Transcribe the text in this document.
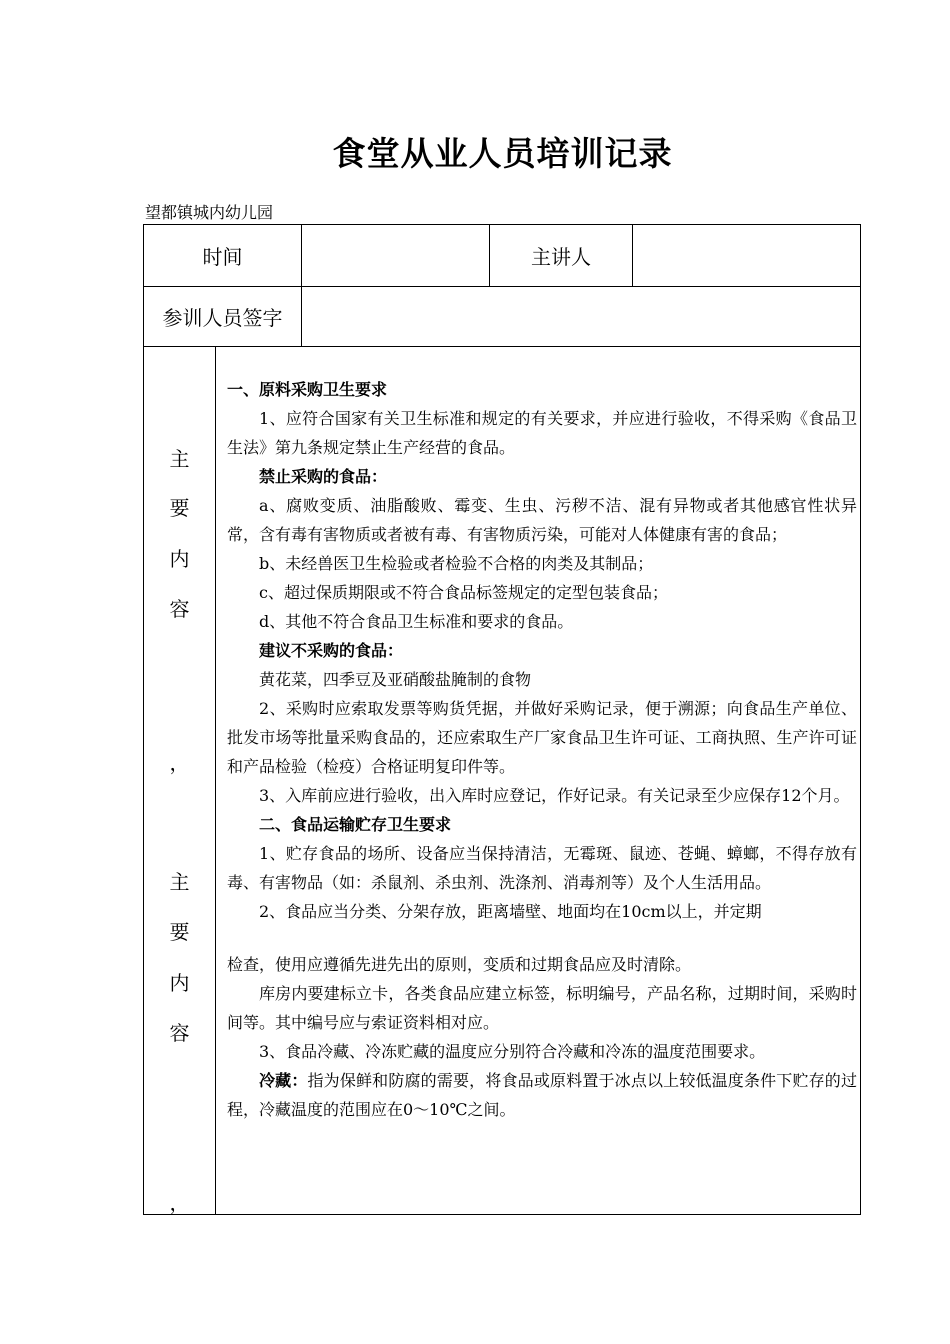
食堂从业人员培训记录
望都镇城内幼儿园
时间	主讲人
参训人员签字
主
要
内
容
，
主
要
内
容
，

一、原料采购卫生要求

1、应符合国家有关卫生标准和规定的有关要求，并应进行验收，不得采购《食品卫生法》第九条规定禁止生产经营的食品。

禁止采购的食品：

a、腐败变质、油脂酸败、霉变、生虫、污秽不洁、混有异物或者其他感官性状异常，含有毒有害物质或者被有毒、有害物质污染，可能对人体健康有害的食品；

b、未经兽医卫生检验或者检验不合格的肉类及其制品；

c、超过保质期限或不符合食品标签规定的定型包装食品；

d、其他不符合食品卫生标准和要求的食品。

建议不采购的食品：

黄花菜，四季豆及亚硝酸盐腌制的食物

2、采购时应索取发票等购货凭据，并做好采购记录，便于溯源；向食品生产单位、批发市场等批量采购食品的，还应索取生产厂家食品卫生许可证、工商执照、生产许可证和产品检验（检疫）合格证明复印件等。

3、入库前应进行验收，出入库时应登记，作好记录。有关记录至少应保存12个月。

二、食品运输贮存卫生要求

1、贮存食品的场所、设备应当保持清洁，无霉斑、鼠迹、苍蝇、蟑螂，不得存放有毒、有害物品（如：杀鼠剂、杀虫剂、洗涤剂、消毒剂等）及个人生活用品。

2、食品应当分类、分架存放，距离墙壁、地面均在10cm以上，并定期

检查，使用应遵循先进先出的原则，变质和过期食品应及时清除。

库房内要建标立卡，各类食品应建立标签，标明编号，产品名称，过期时间，采购时间等。其中编号应与索证资料相对应。

3、食品冷藏、冷冻贮藏的温度应分别符合冷藏和冷冻的温度范围要求。

冷藏：指为保鲜和防腐的需要，将食品或原料置于冰点以上较低温度条件下贮存的过程，冷藏温度的范围应在0～10℃之间。
